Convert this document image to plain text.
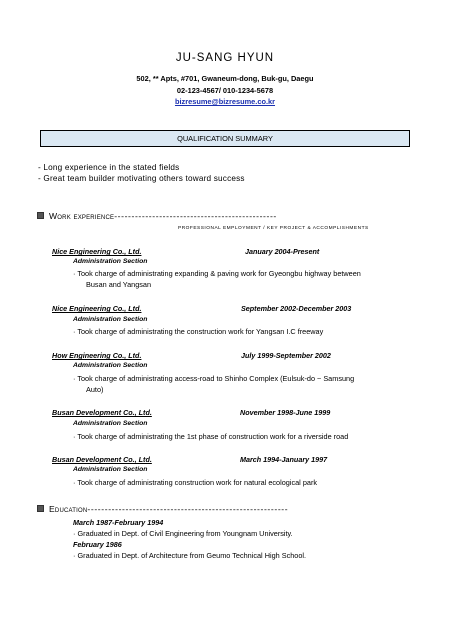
JU-SANG HYUN
502, ** Apts, #701, Gwaneum-dong, Buk-gu, Daegu
02-123-4567/ 010-1234-5678
bizresume@bizresume.co.kr
QUALIFICATION SUMMARY
- Long experience in the stated fields
- Great team builder motivating others toward success
Work experience-----------------------------------------------
PROFESSIONAL EMPLOYMENT / KEY PROJECT & ACCOMPLISHMENTS
Nice Engineering Co., Ltd.	January 2004-Present
Administration Section
· Took charge of administrating expanding & paving work for Gyeongbu highway between
Busan and Yangsan
Nice Engineering Co., Ltd.	September 2002-December 2003
Administration Section
· Took charge of administrating the construction work for Yangsan I.C freeway
How Engineering Co., Ltd.	July 1999-September 2002
Administration Section
· Took charge of administrating access-road to Shinho Complex (Eulsuk-do ~ Samsung
Auto)
Busan Development Co., Ltd.	November 1998-June 1999
Administration Section
· Took charge of administrating the 1st phase of construction work for a riverside road
Busan Development Co., Ltd.	March 1994-January 1997
Administration Section
· Took charge of administrating construction work for natural ecological park
Education----------------------------------------------------------
March 1987-February 1994
· Graduated in Dept. of Civil Engineering from Youngnam University.
February 1986
· Graduated in Dept. of Architecture from Geumo Technical High School.
